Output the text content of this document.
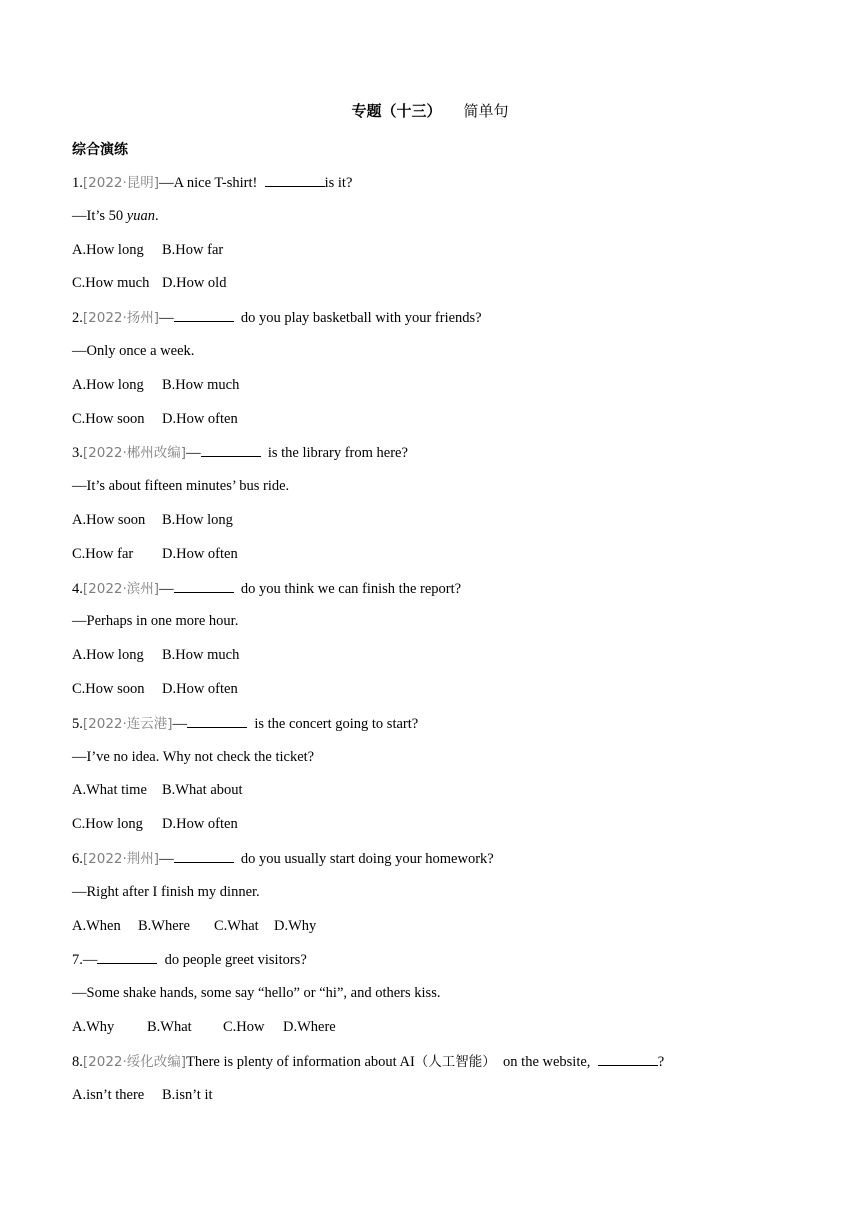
专题（十三） 简单句
综合演练
1.[2022·昆明]—A nice T-shirt!	is it?
—It’s 50 yuan.
A.How long B.How far
C.How much D.How old
2.[2022·扬州]—	do you play basketball with your friends?
—Only once a week.
A.How long B.How much
C.How soon D.How often
3.[2022·郴州改编]—	is the library from here?
—It’s about fifteen minutes’ bus ride.
A.How soon B.How long
C.How far D.How often
4.[2022·滨州]—	do you think we can finish the report?
—Perhaps in one more hour.
A.How long B.How much
C.How soon D.How often
5.[2022·连云港]—	is the concert going to start?
—I’ve no idea. Why not check the ticket?
A.What time B.What about
C.How long D.How often
6.[2022·荆州]—	do you usually start doing your homework?
—Right after I finish my dinner.
A.When B.Where C.What D.Why
7.—	do people greet visitors?
—Some shake hands, some say “hello” or “hi”, and others kiss.
A.Why B.What C.How D.Where
8.[2022·绥化改编]There is plenty of information about AI（人工智能）  on the website,	?
A.isn’t there B.isn’t it
